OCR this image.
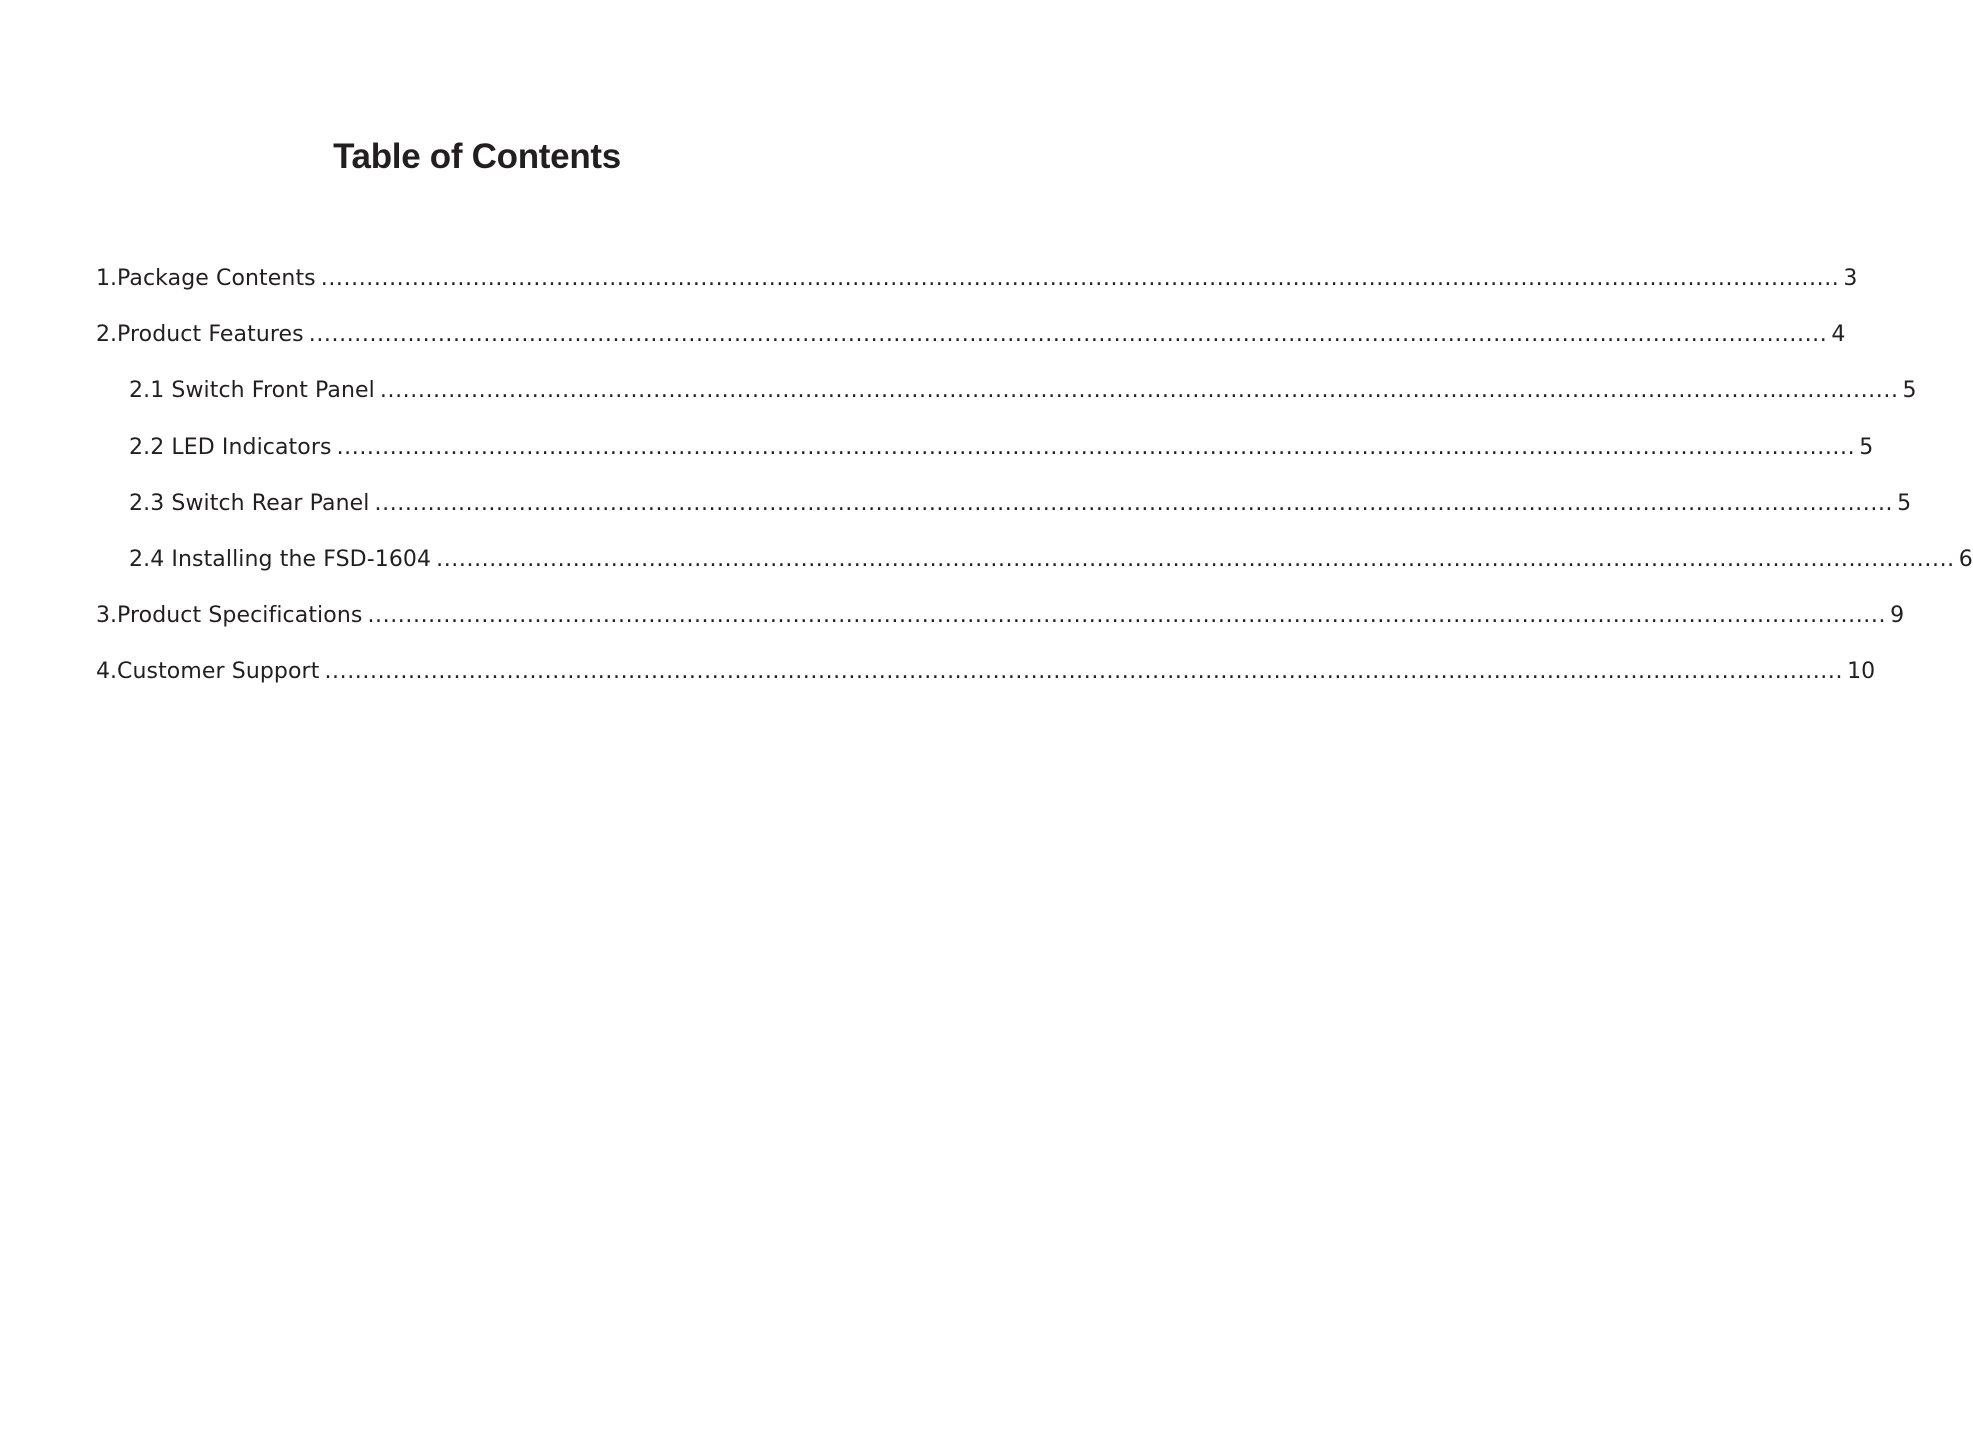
Table of Contents
1. Package Contents ........................................................................................................................................................................................................ 3
2. Product Features ........................................................................................................................................................................................................ 4
2.1 Switch Front Panel ........................................................................................................................................................................................................ 5
2.2 LED Indicators ........................................................................................................................................................................................................ 5
2.3 Switch Rear Panel ........................................................................................................................................................................................................ 5
2.4 Installing the FSD-1604 ........................................................................................................................................................................................................ 6
3. Product Specifications ........................................................................................................................................................................................................ 9
4. Customer Support ........................................................................................................................................................................................................ 10
